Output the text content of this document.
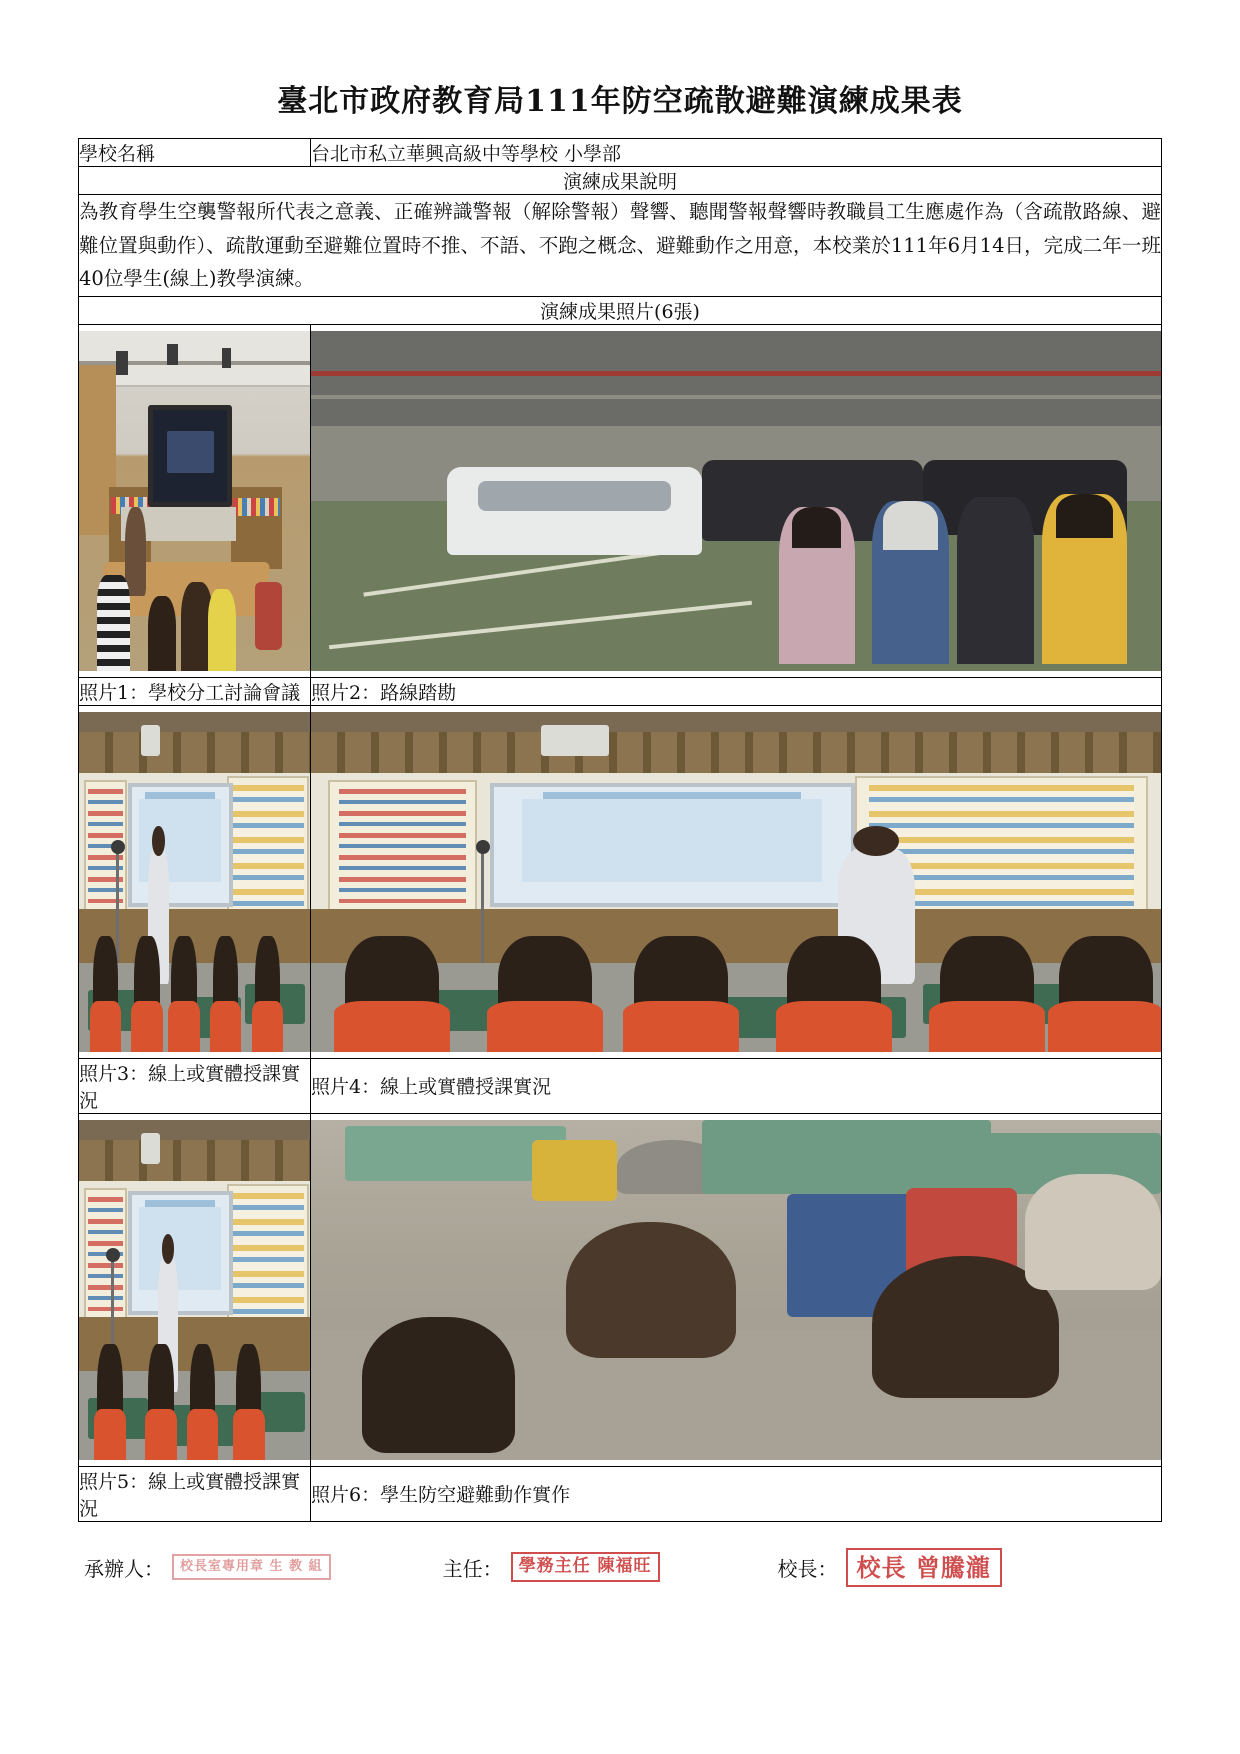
臺北市政府教育局111年防空疏散避難演練成果表
學校名稱	台北市私立華興高級中等學校 小學部
演練成果說明	
為教育學生空襲警報所代表之意義、正確辨識警報（解除警報）聲響、聽聞警報聲響時教職員工生應處作為（含疏散路線、避難位置與動作）、疏散運動至避難位置時不推、不語、不跑之概念、避難動作之用意，本校業於111年6月14日，完成二年一班40位學生(線上)教學演練。	
演練成果照片(6張)	

照片1：學校分工討論會議	照片2：路線踏勘

照片3：線上或實體授課實況	照片4：線上或實體授課實況

照片5：線上或實體授課實況	照片6：學生防空避難動作實作
承辦人：	校長室專用章 生 教 組	主任： 學務主任 陳福旺	校長： 校長 曾騰瀧
